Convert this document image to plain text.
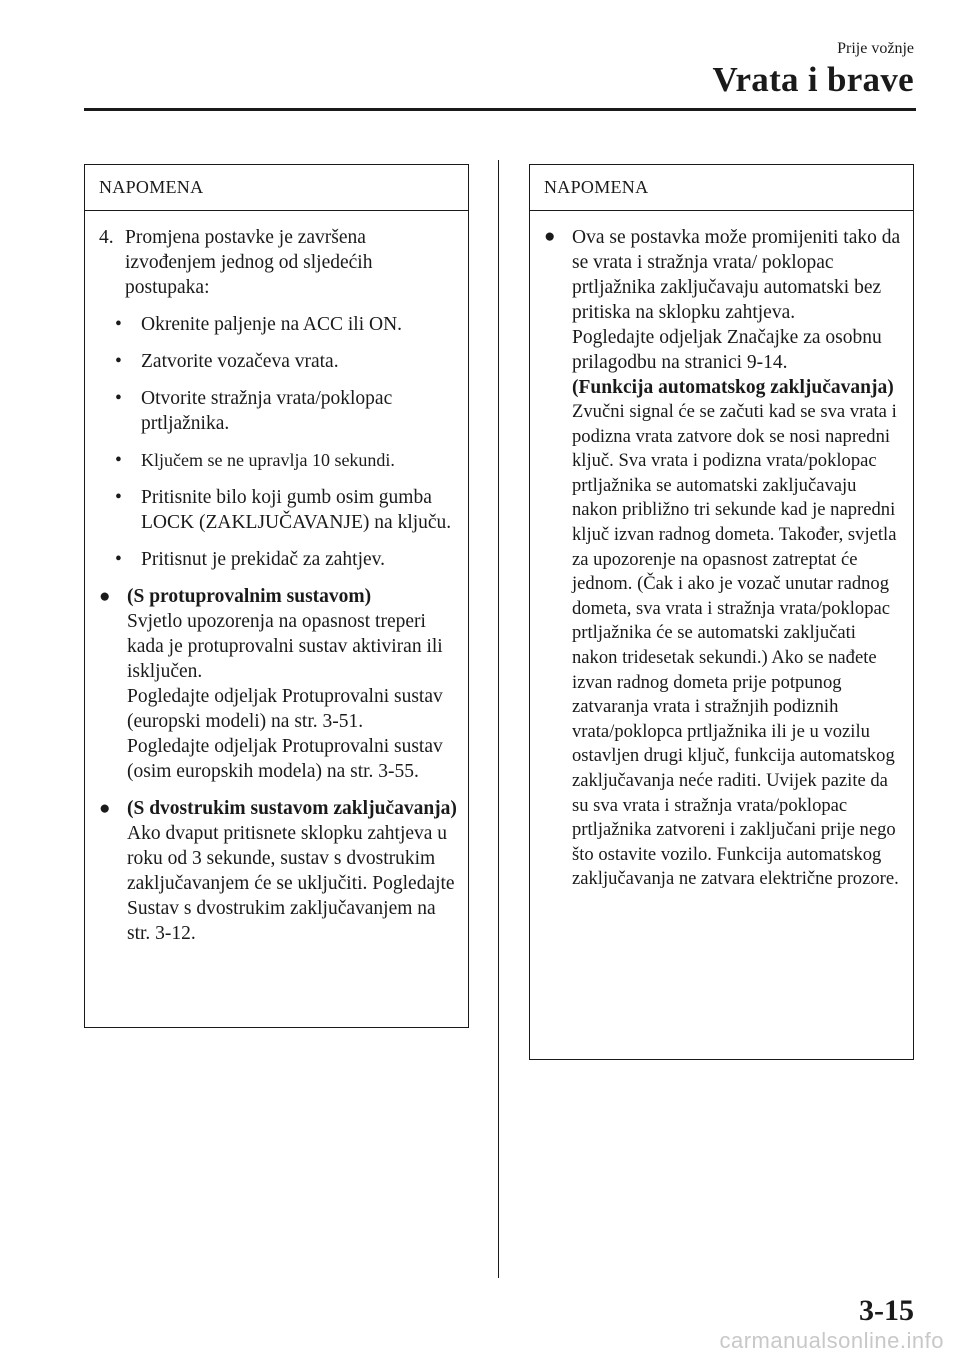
Prije vožnje
Vrata i brave
NAPOMENA
4. Promjena postavke je završena izvođenjem jednog od sljedećih postupaka:
• Okrenite paljenje na ACC ili ON.
• Zatvorite vozačeva vrata.
• Otvorite stražnja vrata/poklopac prtljažnika.
•	Ključem se ne upravlja 10 sekundi.
• Pritisnite bilo koji gumb osim gumba LOCK (ZAKLJUČAVANJE) na ključu.
• Pritisnut je prekidač za zahtjev.
● (S protuprovalnim sustavom)
Svjetlo upozorenja na opasnost treperi kada je protuprovalni sustav aktiviran ili isključen.
Pogledajte odjeljak Protuprovalni sustav (europski modeli) na str. 3-51.
Pogledajte odjeljak Protuprovalni sustav (osim europskih modela) na str. 3-55.
● (S dvostrukim sustavom zaključavanja)
Ako dvaput pritisnete sklopku zahtjeva u roku od 3 sekunde, sustav s dvostrukim zaključavanjem će se uključiti. Pogledajte Sustav s dvostrukim zaključavanjem na str. 3-12.
NAPOMENA
● Ova se postavka može promijeniti tako da se vrata i stražnja vrata/ poklopac prtljažnika zaključavaju automatski bez pritiska na sklopku zahtjeva.
Pogledajte odjeljak Značajke za osobnu prilagodbu na stranici 9-14.
(Funkcija automatskog zaključavanja)
Zvučni signal će se začuti kad se sva vrata i podizna vrata zatvore dok se nosi napredni ključ. Sva vrata i podizna vrata/poklopac prtljažnika se automatski zaključavaju nakon približno tri sekunde kad je napredni ključ izvan radnog dometa. Također, svjetla za upozorenje na opasnost zatreptat će jednom. (Čak i ako je vozač unutar radnog dometa, sva vrata i stražnja vrata/poklopac prtljažnika će se automatski zaključati nakon tridesetak sekundi.) Ako se nađete izvan radnog dometa prije potpunog zatvaranja vrata i stražnjih podiznih vrata/poklopca prtljažnika ili je u vozilu ostavljen drugi ključ, funkcija automatskog zaključavanja neće raditi. Uvijek pazite da su sva vrata i stražnja vrata/poklopac prtljažnika zatvoreni i zaključani prije nego što ostavite vozilo. Funkcija automatskog zaključavanja ne zatvara električne prozore.
3-15
carmanualsonline.info
